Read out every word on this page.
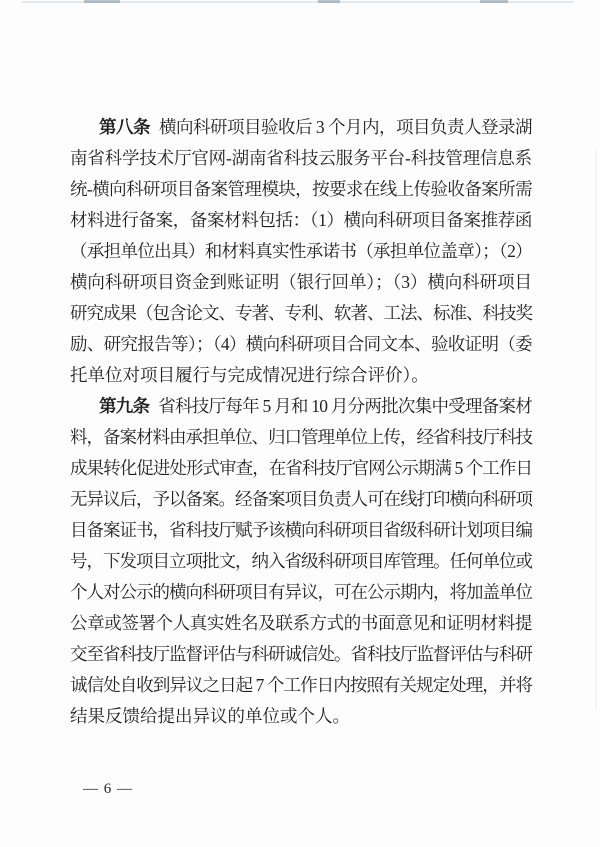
第八条 横向科研项目验收后 3 个月内，项目负责人登录湖
南省科学技术厅官网-湖南省科技云服务平台-科技管理信息系
统-横向科研项目备案管理模块，按要求在线上传验收备案所需
材料进行备案，备案材料包括：（1）横向科研项目备案推荐函
（承担单位出具）和材料真实性承诺书（承担单位盖章）；（2）
横向科研项目资金到账证明（银行回单）；（3）横向科研项目
研究成果（包含论文、专著、专利、软著、工法、标准、科技奖
励、研究报告等）；（4）横向科研项目合同文本、验收证明（委
托单位对项目履行与完成情况进行综合评价）。
第九条 省科技厅每年 5 月和 10 月分两批次集中受理备案材
料，备案材料由承担单位、归口管理单位上传，经省科技厅科技
成果转化促进处形式审查，在省科技厅官网公示期满 5 个工作日
无异议后，予以备案。经备案项目负责人可在线打印横向科研项
目备案证书，省科技厅赋予该横向科研项目省级科研计划项目编
号，下发项目立项批文，纳入省级科研项目库管理。任何单位或
个人对公示的横向科研项目有异议，可在公示期内，将加盖单位
公章或签署个人真实姓名及联系方式的书面意见和证明材料提
交至省科技厅监督评估与科研诚信处。省科技厅监督评估与科研
诚信处自收到异议之日起 7 个工作日内按照有关规定处理，并将
结果反馈给提出异议的单位或个人。
— 6 —
